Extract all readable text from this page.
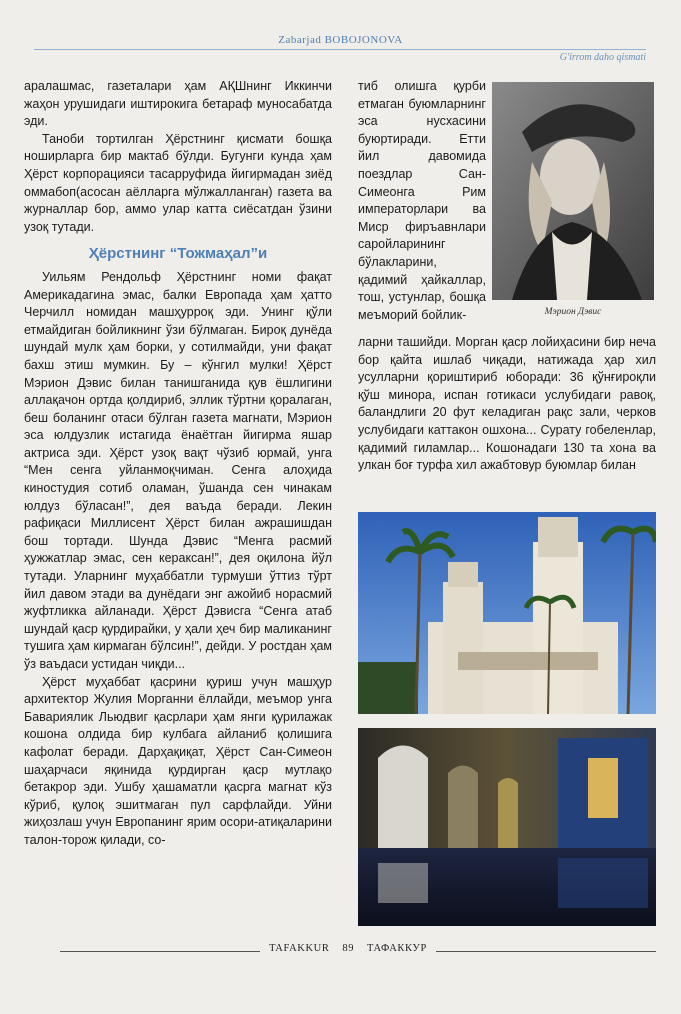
Zabarjad BOBOJONOVA
G'irrom daho qismati

аралашмас, газеталари ҳам АҚШнинг Иккинчи жаҳон урушидаги иштирокига бетараф муносабатда эди.

Таноби тортилган Ҳёрстнинг қисмати бошқа ноширларга бир мактаб бўлди. Бугунги кунда ҳам Ҳёрст корпорацияси тасарруфида йигирмадан зиёд оммабоп(асосан аёлларга мўлжалланган) газета ва журналлар бор, аммо улар катта сиёсатдан ўзини узоқ тутади.

Ҳёрстнинг “Тожмаҳал”и

Уильям Рендольф Ҳёрстнинг номи фақат Америкадагина эмас, балки Европада ҳам ҳатто Черчилл номидан машҳурроқ эди. Унинг қўли етмайдиган бойликнинг ўзи бўлмаган. Бироқ дунёда шундай мулк ҳам борки, у сотилмайди, уни фақат бахш этиш мумкин. Бу – кўнгил мулки! Ҳёрст Мэрион Дэвис билан танишганида қув ёшлигини аллақачон ортда қолдириб, эллик тўртни қоралаган, беш боланинг отаси бўлган газета магнати, Мэрион эса юлдузлик истагида ёнаётган йигирма яшар актриса эди. Ҳёрст узоқ вақт чўзиб юрмай, унга “Мен сенга уйланмоқчиман. Сенга алоҳида киностудия сотиб оламан, ўшанда сен чинакам юлдуз бўласан!”, дея ваъда беради. Лекин рафиқаси Миллисент Ҳёрст билан ажрашишдан бош тортади. Шунда Дэвис “Менга расмий ҳужжатлар эмас, сен кераксан!”, дея оқилона йўл тутади. Уларнинг муҳаббатли турмуши ўттиз тўрт йил давом этади ва дунёдаги энг ажойиб норасмий жуфтликка айланади. Ҳёрст Дэвисга “Сенга атаб шундай қаср қурдирайки, у ҳали ҳеч бир маликанинг тушига ҳам кирмаган бўлсин!”, дейди. У ростдан ҳам ўз ваъдаси устидан чиқди...

Ҳёрст муҳаббат қасрини қуриш учун машҳур архитектор Жулия Морганни ёллайди, меъмор унга Бавариялик Льюдвиг қасрлари ҳам янги қурилажак кошона олдида бир кулбага айланиб қолишига кафолат беради. Дарҳақиқат, Ҳёрст Сан-Симеон шаҳарчаси яқинида қурдирган қаср мутлақо бетакрор эди. Ушбу ҳашаматли қасрга магнат кўз кўриб, қулоқ эшитмаган пул сарфлайди. Уйни жиҳозлаш учун Европанинг ярим осори-атиқаларини талон-торож қилади, со-

тиб олишга қурби етмаган буюмларнинг эса нусхасини буюртиради. Етти йил давомида поездлар Сан-Симеонга Рим императорлари ва Миср фиръавнлари саройларининг бўлакларини, қадимий ҳайкаллар, тош, устунлар, бошқа меъморий бойлик-	Мэрион Дэвис

ларни ташийди. Морган қаср лойиҳасини бир неча бор қайта ишлаб чиқади, натижада ҳар хил усулларни қориштириб юборади: 36 қўнғироқли қўш минора, испан готикаси услубидаги равоқ, баландлиги 20 фут келадиган рақс зали, черков услубидаги каттакон ошхона... Сурату гобеленлар, қадимий гиламлар... Кошонадаги 130 та хона ва улкан боғ турфа хил ажабтовур буюмлар билан

TAFAKKUR 89 ТАФАККУР
